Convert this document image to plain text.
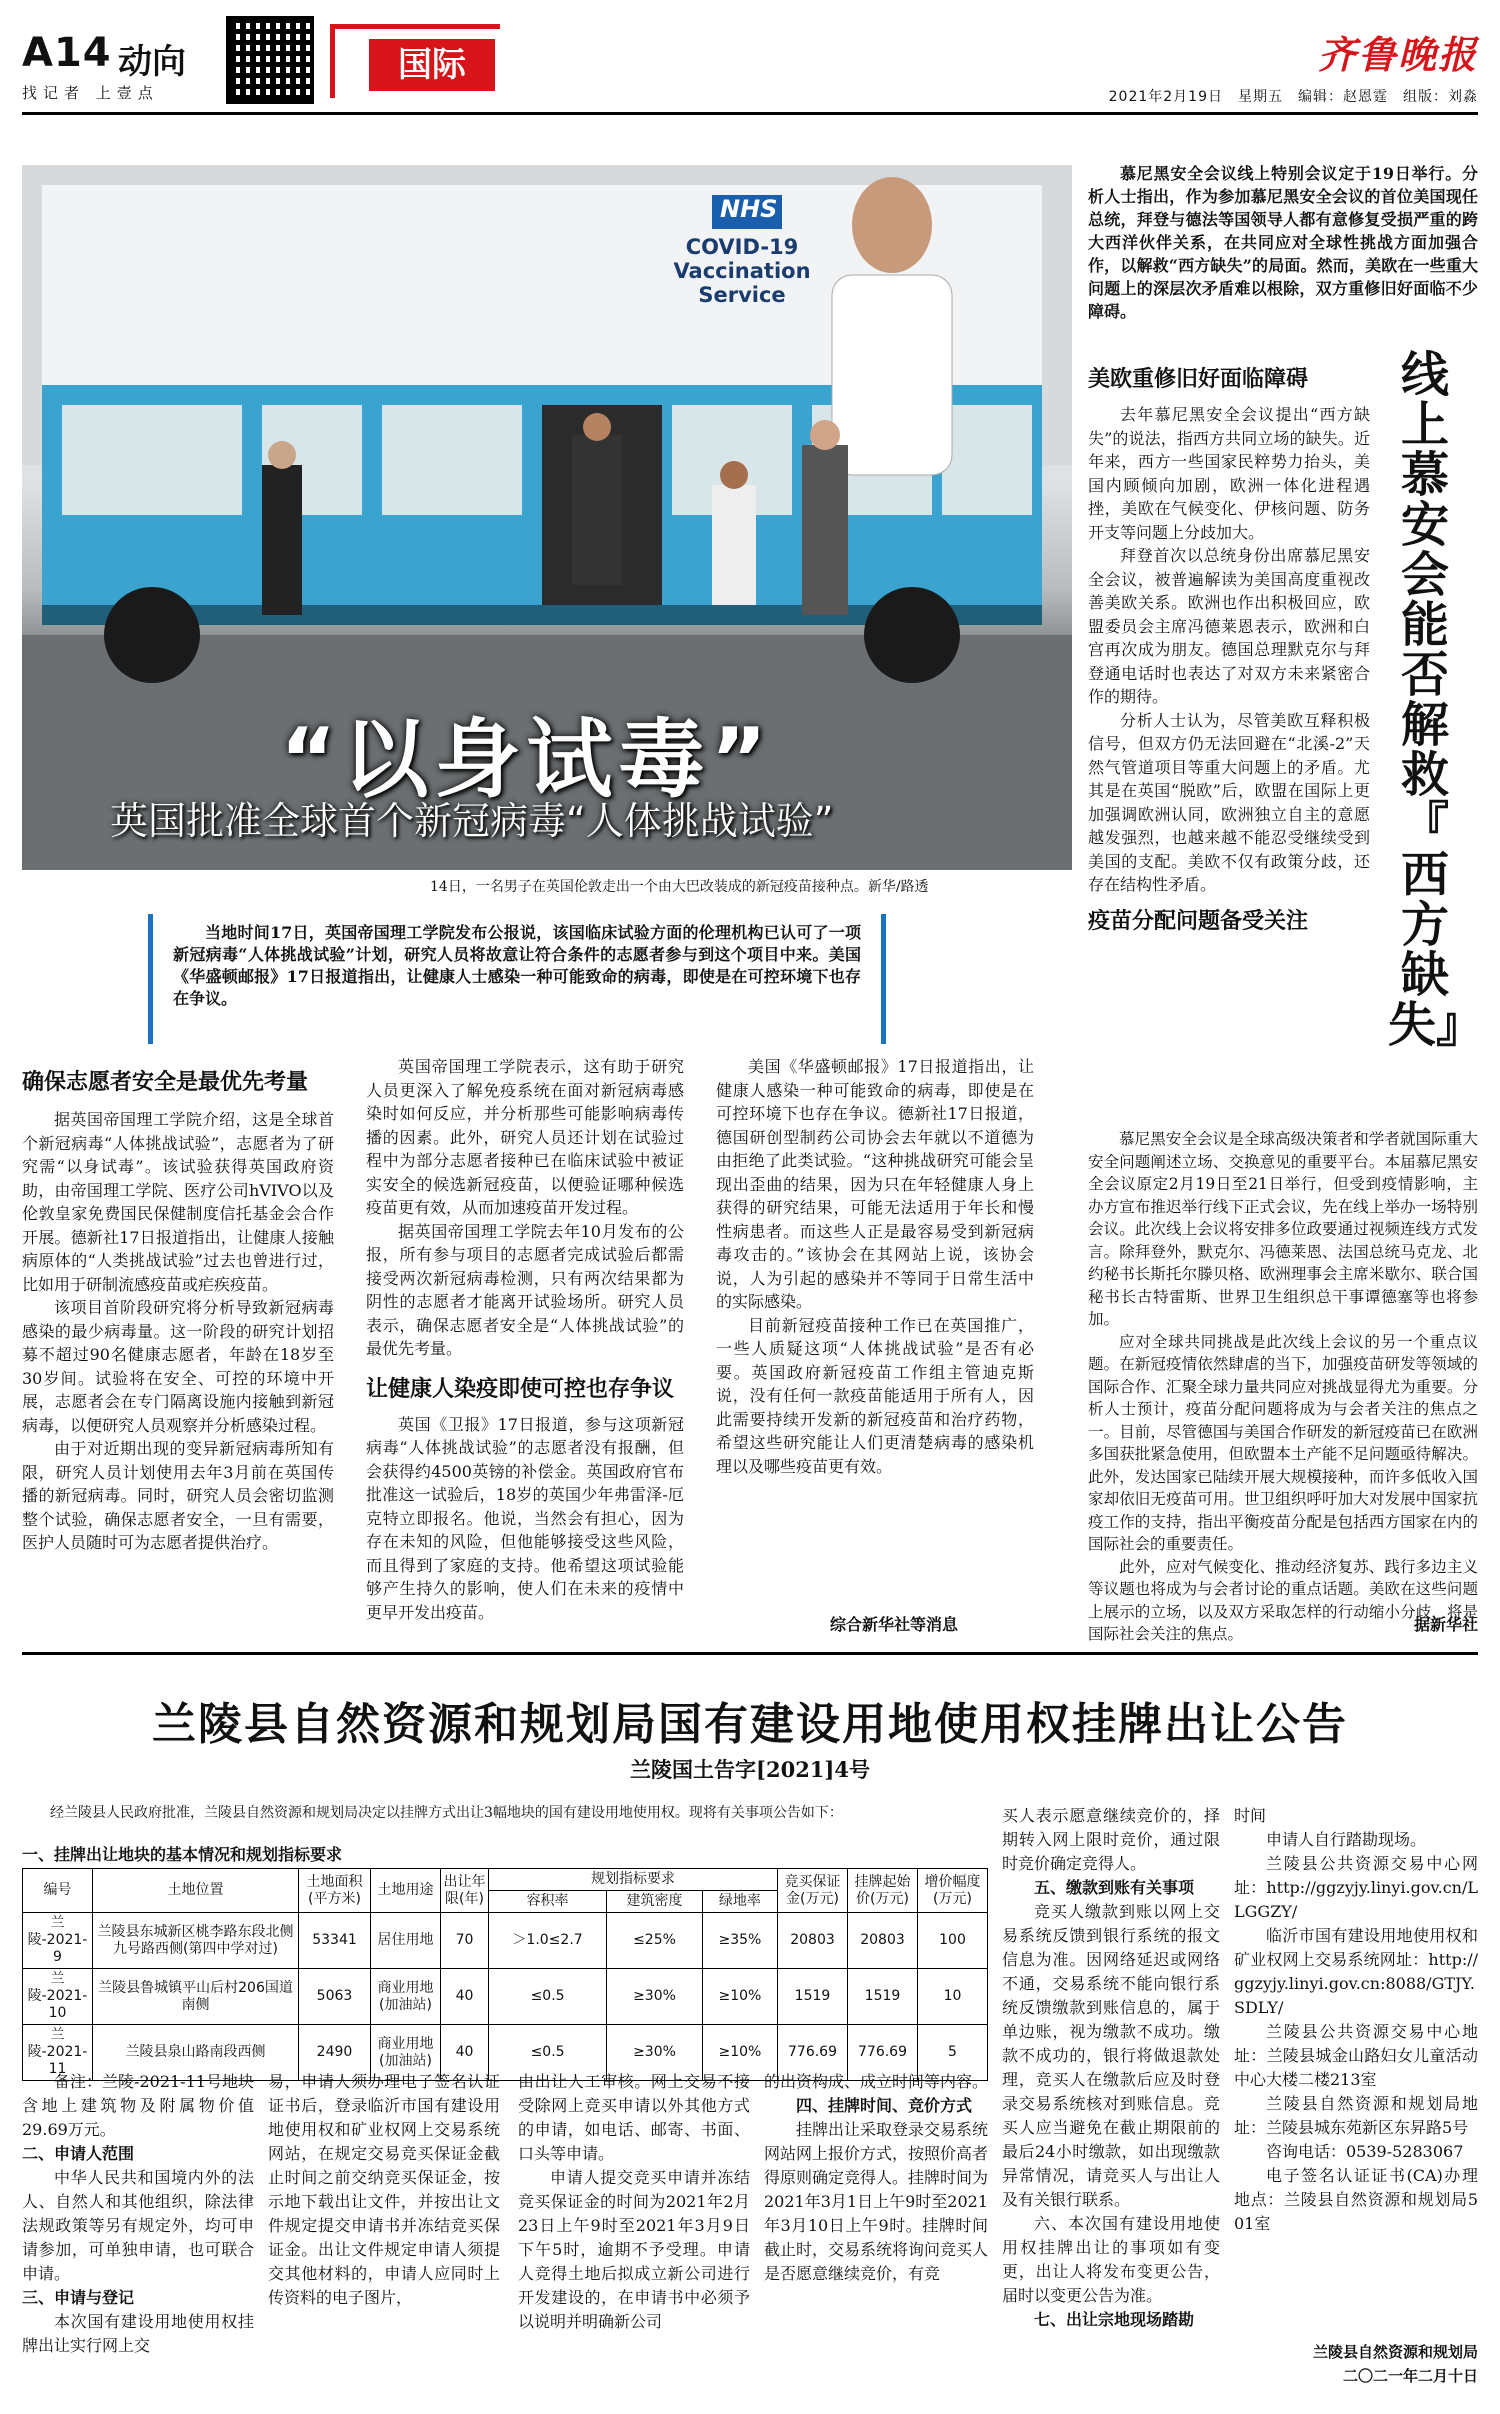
A14 动向
找记者 上壹点
国际	齐鲁晚报
2021年2月19日　星期五　编辑：赵恩霆　组版：刘淼
NHS
COVID-19 Vaccination Service
“以身试毒”
英国批准全球首个新冠病毒“人体挑战试验”
14日，一名男子在英国伦敦走出一个由大巴改装成的新冠疫苗接种点。新华/路透

当地时间17日，英国帝国理工学院发布公报说，该国临床试验方面的伦理机构已认可了一项新冠病毒“人体挑战试验”计划，研究人员将故意让符合条件的志愿者参与到这个项目中来。美国《华盛顿邮报》17日报道指出，让健康人士感染一种可能致命的病毒，即使是在可控环境下也存在争议。

确保志愿者安全是最优先考量

据英国帝国理工学院介绍，这是全球首个新冠病毒“人体挑战试验”，志愿者为了研究需“以身试毒”。该试验获得英国政府资助，由帝国理工学院、医疗公司hVIVO以及伦敦皇家免费国民保健制度信托基金会合作开展。德新社17日报道指出，让健康人接触病原体的“人类挑战试验”过去也曾进行过，比如用于研制流感疫苗或疟疾疫苗。

该项目首阶段研究将分析导致新冠病毒感染的最少病毒量。这一阶段的研究计划招募不超过90名健康志愿者，年龄在18岁至30岁间。试验将在安全、可控的环境中开展，志愿者会在专门隔离设施内接触到新冠病毒，以便研究人员观察并分析感染过程。

由于对近期出现的变异新冠病毒所知有限，研究人员计划使用去年3月前在英国传播的新冠病毒。同时，研究人员会密切监测整个试验，确保志愿者安全，一旦有需要，医护人员随时可为志愿者提供治疗。

英国帝国理工学院表示，这有助于研究人员更深入了解免疫系统在面对新冠病毒感染时如何反应，并分析那些可能影响病毒传播的因素。此外，研究人员还计划在试验过程中为部分志愿者接种已在临床试验中被证实安全的候选新冠疫苗，以便验证哪种候选疫苗更有效，从而加速疫苗开发过程。

据英国帝国理工学院去年10月发布的公报，所有参与项目的志愿者完成试验后都需接受两次新冠病毒检测，只有两次结果都为阴性的志愿者才能离开试验场所。研究人员表示，确保志愿者安全是“人体挑战试验”的最优先考量。

让健康人染疫即使可控也存争议

英国《卫报》17日报道，参与这项新冠病毒“人体挑战试验”的志愿者没有报酬，但会获得约4500英镑的补偿金。英国政府官布批准这一试验后，18岁的英国少年弗雷泽-厄克特立即报名。他说，当然会有担心，因为存在未知的风险，但他能够接受这些风险，而且得到了家庭的支持。他希望这项试验能够产生持久的影响，使人们在未来的疫情中更早开发出疫苗。

美国《华盛顿邮报》17日报道指出，让健康人感染一种可能致命的病毒，即使是在可控环境下也存在争议。德新社17日报道，德国研创型制药公司协会去年就以不道德为由拒绝了此类试验。“这种挑战研究可能会呈现出歪曲的结果，因为只在年轻健康人身上获得的研究结果，可能无法适用于年长和慢性病患者。而这些人正是最容易受到新冠病毒攻击的。”该协会在其网站上说，该协会说，人为引起的感染并不等同于日常生活中的实际感染。

目前新冠疫苗接种工作已在英国推广，一些人质疑这项“人体挑战试验”是否有必要。英国政府新冠疫苗工作组主管迪克斯说，没有任何一款疫苗能适用于所有人，因此需要持续开发新的新冠疫苗和治疗药物，希望这些研究能让人们更清楚病毒的感染机理以及哪些疫苗更有效。

综合新华社等消息

慕尼黑安全会议线上特别会议定于19日举行。分析人士指出，作为参加慕尼黑安全会议的首位美国现任总统，拜登与德法等国领导人都有意修复受损严重的跨大西洋伙伴关系，在共同应对全球性挑战方面加强合作，以解救“西方缺失”的局面。然而，美欧在一些重大问题上的深层次矛盾难以根除，双方重修旧好面临不少障碍。

线上慕安会能否解救『西方缺失』
美欧重修旧好面临障碍

去年慕尼黑安全会议提出“西方缺失”的说法，指西方共同立场的缺失。近年来，西方一些国家民粹势力抬头，美国内顾倾向加剧，欧洲一体化进程遇挫，美欧在气候变化、伊核问题、防务开支等问题上分歧加大。

拜登首次以总统身份出席慕尼黑安全会议，被普遍解读为美国高度重视改善美欧关系。欧洲也作出积极回应，欧盟委员会主席冯德莱恩表示，欧洲和白宫再次成为朋友。德国总理默克尔与拜登通电话时也表达了对双方未来紧密合作的期待。

分析人士认为，尽管美欧互释积极信号，但双方仍无法回避在“北溪-2”天然气管道项目等重大问题上的矛盾。尤其是在英国“脱欧”后，欧盟在国际上更加强调欧洲认同，欧洲独立自主的意愿越发强烈，也越来越不能忍受继续受到美国的支配。美欧不仅有政策分歧，还存在结构性矛盾。

疫苗分配问题备受关注

慕尼黑安全会议是全球高级决策者和学者就国际重大安全问题阐述立场、交换意见的重要平台。本届慕尼黑安全会议原定2月19日至21日举行，但受到疫情影响，主办方宣布推迟举行线下正式会议，先在线上举办一场特别会议。此次线上会议将安排多位政要通过视频连线方式发言。除拜登外，默克尔、冯德莱恩、法国总统马克龙、北约秘书长斯托尔滕贝格、欧洲理事会主席米歇尔、联合国秘书长古特雷斯、世界卫生组织总干事谭德塞等也将参加。

应对全球共同挑战是此次线上会议的另一个重点议题。在新冠疫情依然肆虐的当下，加强疫苗研发等领域的国际合作、汇聚全球力量共同应对挑战显得尤为重要。分析人士预计，疫苗分配问题将成为与会者关注的焦点之一。目前，尽管德国与美国合作研发的新冠疫苗已在欧洲多国获批紧急使用，但欧盟本土产能不足问题亟待解决。此外，发达国家已陆续开展大规模接种，而许多低收入国家却依旧无疫苗可用。世卫组织呼吁加大对发展中国家抗疫工作的支持，指出平衡疫苗分配是包括西方国家在内的国际社会的重要责任。

此外，应对气候变化、推动经济复苏、践行多边主义等议题也将成为与会者讨论的重点话题。美欧在这些问题上展示的立场，以及双方采取怎样的行动缩小分歧，将是国际社会关注的焦点。	据新华社
兰陵县自然资源和规划局国有建设用地使用权挂牌出让公告
兰陵国土告字[2021]4号

经兰陵县人民政府批准，兰陵县自然资源和规划局决定以挂牌方式出让3幅地块的国有建设用地使用权。现将有关事项公告如下：

一、挂牌出让地块的基本情况和规划指标要求
编号	土地位置	土地面积(平方米)	土地用途	出让年限(年)	规划指标要求			竞买保证金(万元)	挂牌起始价(万元)	增价幅度(万元)
					容积率	建筑密度	绿地率			
兰陵-2021-9	兰陵县东城新区桃李路东段北侧九号路西侧(第四中学对过)	53341	居住用地	70	＞1.0≤2.7	≤25%	≥35%	20803	20803	100
兰陵-2021-10	兰陵县鲁城镇平山后村206国道南侧	5063	商业用地(加油站)	40	≤0.5	≥30%	≥10%	1519	1519	10
兰陵-2021-11	兰陵县泉山路南段西侧	2490	商业用地(加油站)	40	≤0.5	≥30%	≥10%	776.69	776.69	5

备注：兰陵-2021-11号地块含地上建筑物及附属物价值29.69万元。

二、申请人范围

中华人民共和国境内外的法人、自然人和其他组织，除法律法规政策等另有规定外，均可申请参加，可单独申请，也可联合申请。

三、申请与登记

本次国有建设用地使用权挂牌出让实行网上交

易，申请人须办理电子签名认证证书后，登录临沂市国有建设用地使用权和矿业权网上交易系统网站，在规定交易竞买保证金截止时间之前交纳竞买保证金，按示地下载出让文件，并按出让文件规定提交申请书并冻结竞买保证金。出让文件规定申请人须提交其他材料的，申请人应同时上传资料的电子图片，

由出让人工审核。网上交易不接受除网上竞买申请以外其他方式的申请，如电话、邮寄、书面、口头等申请。

申请人提交竞买申请并冻结竞买保证金的时间为2021年2月23日上午9时至2021年3月9日下午5时，逾期不予受理。申请人竞得土地后拟成立新公司进行开发建设的，在申请书中必须予以说明并明确新公司

的出资构成、成立时间等内容。

四、挂牌时间、竞价方式

挂牌出让采取登录交易系统网站网上报价方式，按照价高者得原则确定竞得人。挂牌时间为2021年3月1日上午9时至2021年3月10日上午9时。挂牌时间截止时，交易系统将询问竞买人是否愿意继续竞价，有竞

买人表示愿意继续竞价的，择期转入网上限时竞价，通过限时竞价确定竞得人。

五、缴款到账有关事项

竞买人缴款到账以网上交易系统反馈到银行系统的报文信息为准。因网络延迟或网络不通，交易系统不能向银行系统反馈缴款到账信息的，属于单边账，视为缴款不成功。缴款不成功的，银行将做退款处理，竞买人在缴款后应及时登录交易系统核对到账信息。竞买人应当避免在截止期限前的最后24小时缴款，如出现缴款异常情况，请竞买人与出让人及有关银行联系。

六、本次国有建设用地使用权挂牌出让的事项如有变更，出让人将发布变更公告，届时以变更公告为准。

七、出让宗地现场踏勘

时间

申请人自行踏勘现场。

兰陵县公共资源交易中心网址：http://ggzyjy.linyi.gov.cn/LLGGZY/

临沂市国有建设用地使用权和矿业权网上交易系统网址：http://ggzyjy.linyi.gov.cn:8088/GTJY.SDLY/

兰陵县公共资源交易中心地址：兰陵县城金山路妇女儿童活动中心大楼二楼213室

兰陵县自然资源和规划局地址：兰陵县城东苑新区东昇路5号

咨询电话：0539-5283067

电子签名认证证书(CA)办理地点：兰陵县自然资源和规划局501室

兰陵县自然资源和规划局
二〇二一年二月十日
